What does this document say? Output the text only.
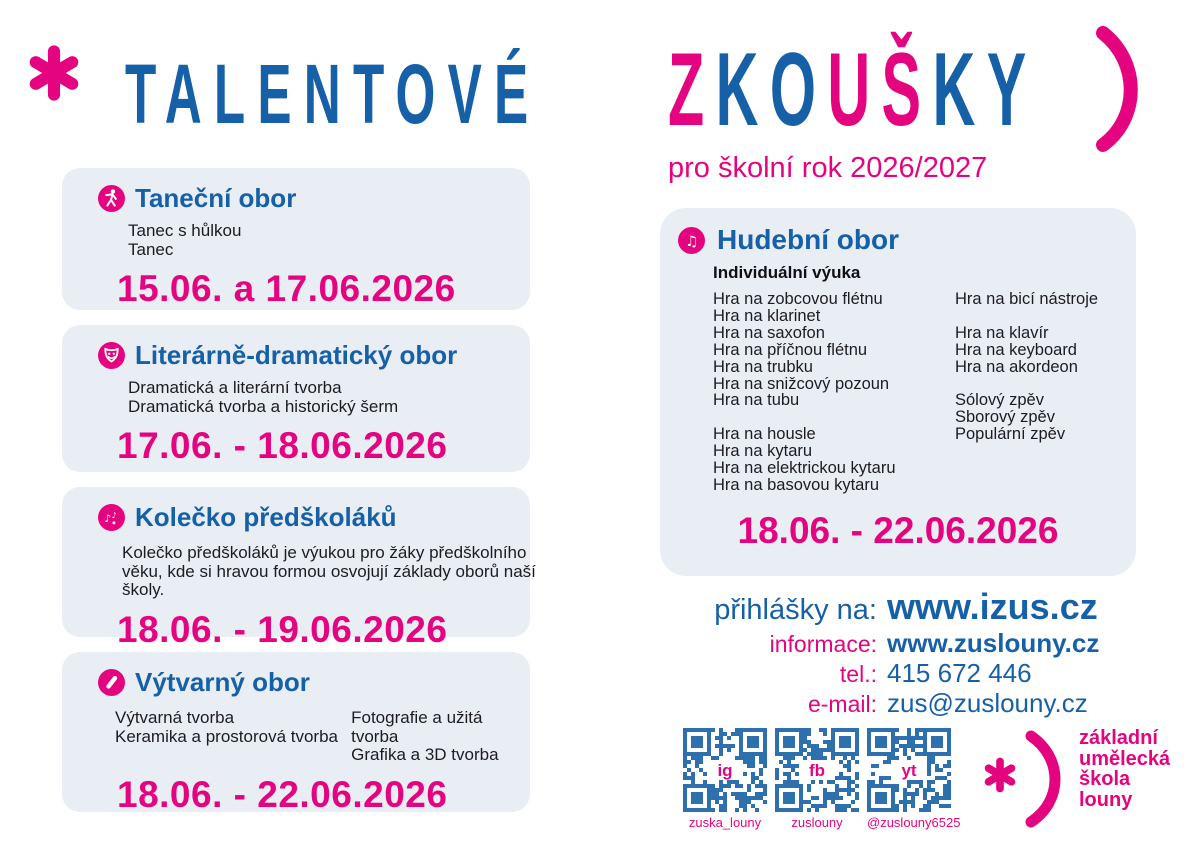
TALENTOVÉ ZKOUŠKY
pro školní rok 2026/2027
Taneční obor
Tanec s hůlkou
Tanec
15.06. a 17.06.2026
Literárně-dramatický obor
Dramatická a literární tvorba
Dramatická tvorba a historický šerm
17.06. - 18.06.2026
♪ ♪ Kolečko předškoláků
Kolečko předškoláků je výukou pro žáky předškolního věku, kde si hravou formou osvojují základy oborů naší školy.
18.06. - 19.06.2026
Výtvarný obor
Výtvarná tvorba
Keramika a prostorová tvorba
Fotografie a užitá tvorba
Grafika a 3D tvorba
18.06. - 22.06.2026
♫ Hudební obor
Individuální výuka
Hra na zobcovou flétnu
Hra na klarinet
Hra na saxofon
Hra na příčnou flétnu
Hra na trubku
Hra na snižcový pozoun
Hra na tubu

Hra na housle
Hra na kytaru
Hra na elektrickou kytaru
Hra na basovou kytaru
Hra na bicí nástroje

Hra na klavír
Hra na keyboard
Hra na akordeon

Sólový zpěv
Sborový zpěv
Populární zpěv
18.06. - 22.06.2026
přihlášky na: www.izus.cz
informace: www.zuslouny.cz
tel.: 415 672 446
e-mail: zus@zuslouny.cz
ig
zuska_louny
fb
zuslouny
yt
@zuslouny6525
základní
umělecká
škola
louny
